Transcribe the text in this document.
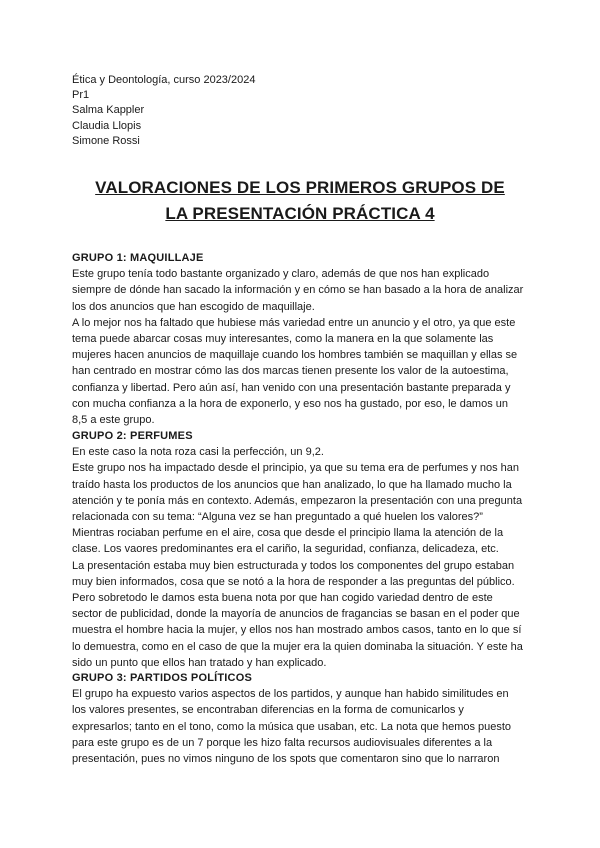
Ética y Deontología, curso 2023/2024
Pr1
Salma Kappler
Claudia Llopis
Simone Rossi
VALORACIONES DE LOS PRIMEROS GRUPOS DE
LA PRESENTACIÓN PRÁCTICA 4
GRUPO 1: MAQUILLAJE

Este grupo tenía todo bastante organizado y claro, además de que nos han explicado
siempre de dónde han sacado la información y en cómo se han basado a la hora de analizar
los dos anuncios que han escogido de maquillaje.
A lo mejor nos ha faltado que hubiese más variedad entre un anuncio y el otro, ya que este
tema puede abarcar cosas muy interesantes, como la manera en la que solamente las
mujeres hacen anuncios de maquillaje cuando los hombres también se maquillan y ellas se
han centrado en mostrar cómo las dos marcas tienen presente los valor de la autoestima,
confianza y libertad. Pero aún así, han venido con una presentación bastante preparada y
con mucha confianza a la hora de exponerlo, y eso nos ha gustado, por eso, le damos un
8,5 a este grupo.

GRUPO 2: PERFUMES

En este caso la nota roza casi la perfección, un 9,2.
Este grupo nos ha impactado desde el principio, ya que su tema era de perfumes y nos han
traído hasta los productos de los anuncios que han analizado, lo que ha llamado mucho la
atención y te ponía más en contexto. Además, empezaron la presentación con una pregunta
relacionada con su tema: “Alguna vez se han preguntado a qué huelen los valores?”
Mientras rociaban perfume en el aire, cosa que desde el principio llama la atención de la
clase. Los vaores predominantes era el cariño, la seguridad, confianza, delicadeza, etc.
La presentación estaba muy bien estructurada y todos los componentes del grupo estaban
muy bien informados, cosa que se notó a la hora de responder a las preguntas del público.
Pero sobretodo le damos esta buena nota por que han cogido variedad dentro de este
sector de publicidad, donde la mayoría de anuncios de fragancias se basan en el poder que
muestra el hombre hacia la mujer, y ellos nos han mostrado ambos casos, tanto en lo que sí
lo demuestra, como en el caso de que la mujer era la quien dominaba la situación. Y este ha
sido un punto que ellos han tratado y han explicado.

GRUPO 3: PARTIDOS POLÍTICOS

El grupo ha expuesto varios aspectos de los partidos, y aunque han habido similitudes en
los valores presentes, se encontraban diferencias en la forma de comunicarlos y
expresarlos; tanto en el tono, como la música que usaban, etc. La nota que hemos puesto
para este grupo es de un 7 porque les hizo falta recursos audiovisuales diferentes a la
presentación, pues no vimos ninguno de los spots que comentaron sino que lo narraron
